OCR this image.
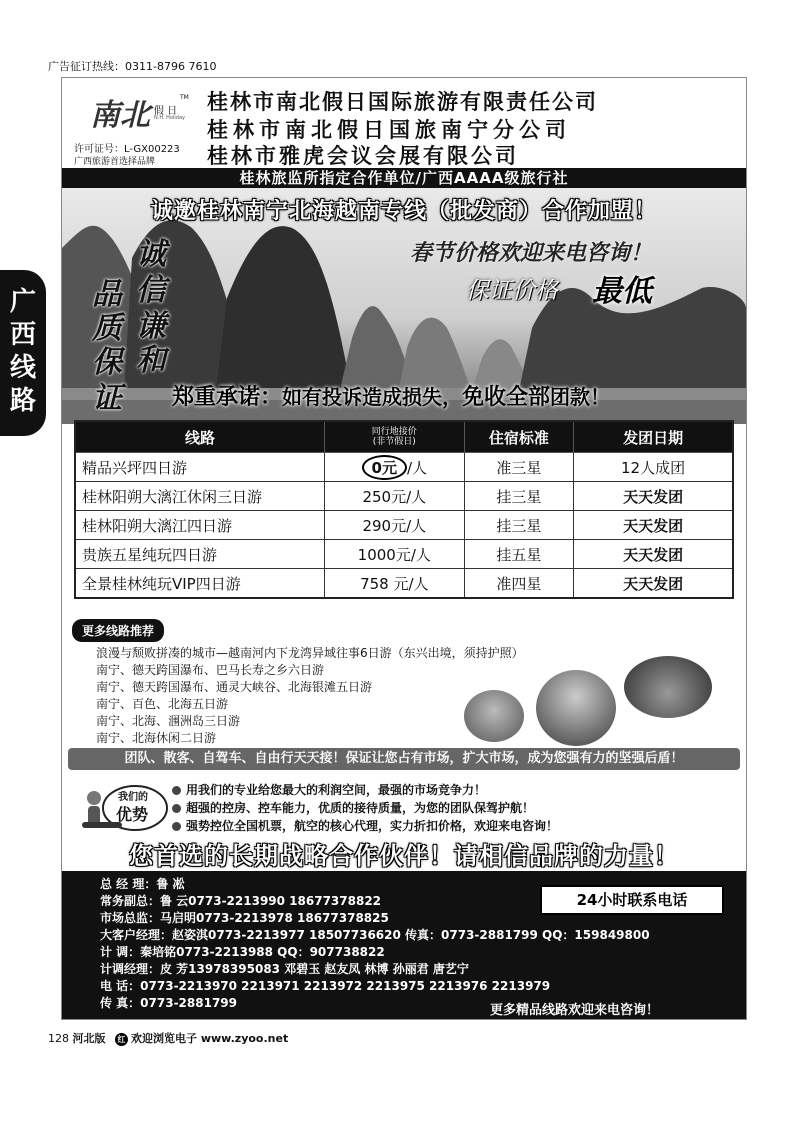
广告征订热线：0311-8796 7610
南北 假 日
TM
N.H. Holiday
许可证号：L-GX00223
广西旅游首选择品牌
桂林市南北假日国际旅游有限责任公司
桂林市南北假日国旅南宁分公司
桂林市雅虎会议会展有限公司
桂林旅监所指定合作单位/广西AAAA级旅行社
诚邀桂林南宁北海越南专线（批发商）合作加盟！
春节价格欢迎来电咨询！
保证价格 最低
品
质
保
证
诚
信
谦
和
郑重承诺：如有投诉造成损失，免收全部团款！
线路	同行地接价
(非节假日)	住宿标准	发团日期
精品兴坪四日游	0元 /人	准三星	12人成团
桂林阳朔大漓江休闲三日游	250元/人	挂三星	天天发团
桂林阳朔大漓江四日游	290元/人	挂三星	天天发团
贵族五星纯玩四日游	1000元/人	挂五星	天天发团
全景桂林纯玩VIP四日游	758 元/人	准四星	天天发团
更多线路推荐
浪漫与颓败拼凑的城市—越南河内下龙湾异域往事6日游（东兴出境，须持护照）
南宁、德天跨国瀑布、巴马长寿之乡六日游
南宁、德天跨国瀑布、通灵大峡谷、北海银滩五日游
南宁、百色、北海五日游
南宁、北海、涠洲岛三日游
南宁、北海休闲二日游
团队、散客、自驾车、自由行天天接！保证让您占有市场，扩大市场，成为您强有力的坚强后盾！
我们的
优势
用我们的专业给您最大的利润空间，最强的市场竞争力！
超强的控房、控车能力，优质的接待质量，为您的团队保驾护航！
强势控位全国机票，航空的核心代理，实力折扣价格，欢迎来电咨询！
您首选的长期战略合作伙伴！请相信品牌的力量！
总 经 理：鲁 凇
常务副总：鲁 云0773-2213990 18677378822
市场总监：马启明0773-2213978 18677378825
大客户经理：赵姿淇0773-2213977 18507736620 传真：0773-2881799 QQ：159849800
计 调：秦培铭0773-2213988 QQ：907738822
计调经理：皮 芳13978395083 邓碧玉 赵友凤 林博 孙丽君 唐艺宁
电 话：0773-2213970 2213971 2213972 2213975 2213976 2213979
传 真：0773-2881799
24小时联系电话
更多精品线路欢迎来电咨询！
广
西
线
路
128 河北版 红 欢迎浏览电子 www.zyoo.net
